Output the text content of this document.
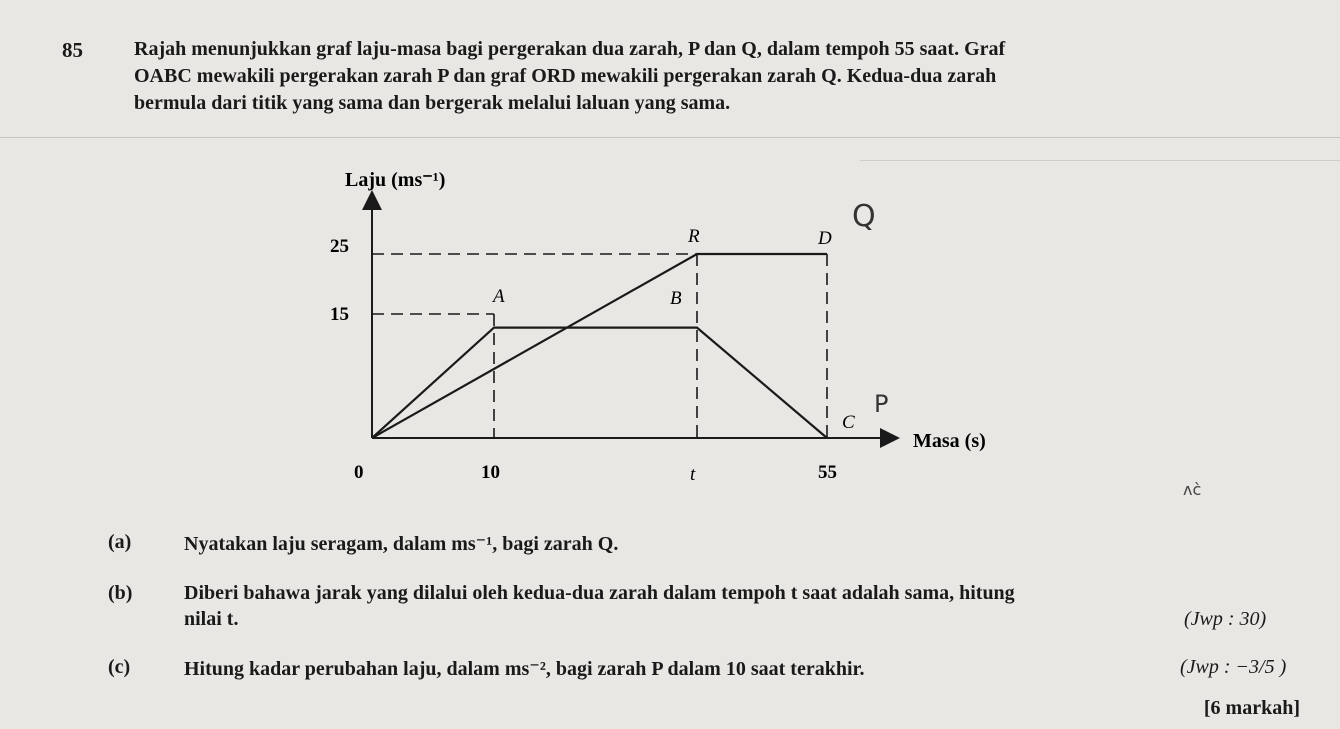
85	Rajah menunjukkan graf laju-masa bagi pergerakan dua zarah, P dan Q, dalam tempoh 55 saat. Graf

OABC mewakili pergerakan zarah P dan graf ORD mewakili pergerakan zarah Q. Kedua-dua zarah

bermula dari titik yang sama dan bergerak melalui laluan yang sama.

Laju (ms⁻¹)
Masa (s)
25
15
0	10	t	55
A	B
R	D
C
Q
P
ᴧc̀
(a)	Nyatakan laju seragam, dalam ms⁻¹, bagi zarah Q.
(b)	Diberi bahawa jarak yang dilalui oleh kedua-dua zarah dalam tempoh t saat adalah sama, hitung
nilai t.	(Jwp : 30)
(c)	Hitung kadar perubahan laju, dalam ms⁻², bagi zarah P dalam 10 saat terakhir.	(Jwp : −3/5 )
[6 markah]
